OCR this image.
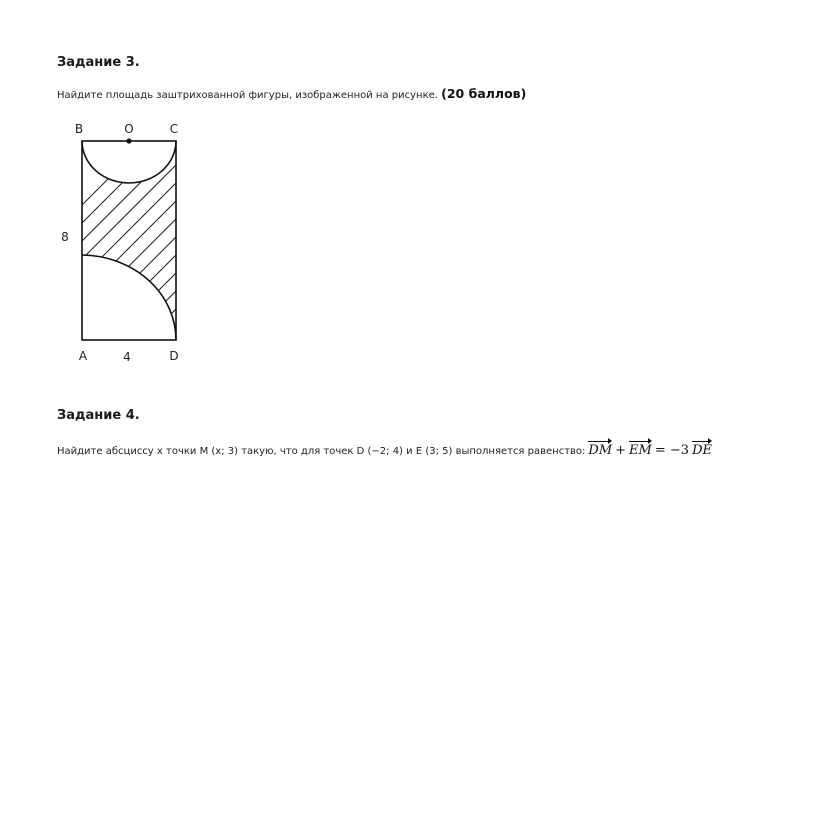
Задание 3.

Найдите площадь заштрихованной фигуры, изображенной на рисунке. (20 баллов)

B	O	C
8
A	4	D
Задание 4.

Найдите абсциссу x точки M (x; 3) такую, что для точек D (−2; 4) и E (3; 5) выполняется равенство: DM + EM = −3 DE
